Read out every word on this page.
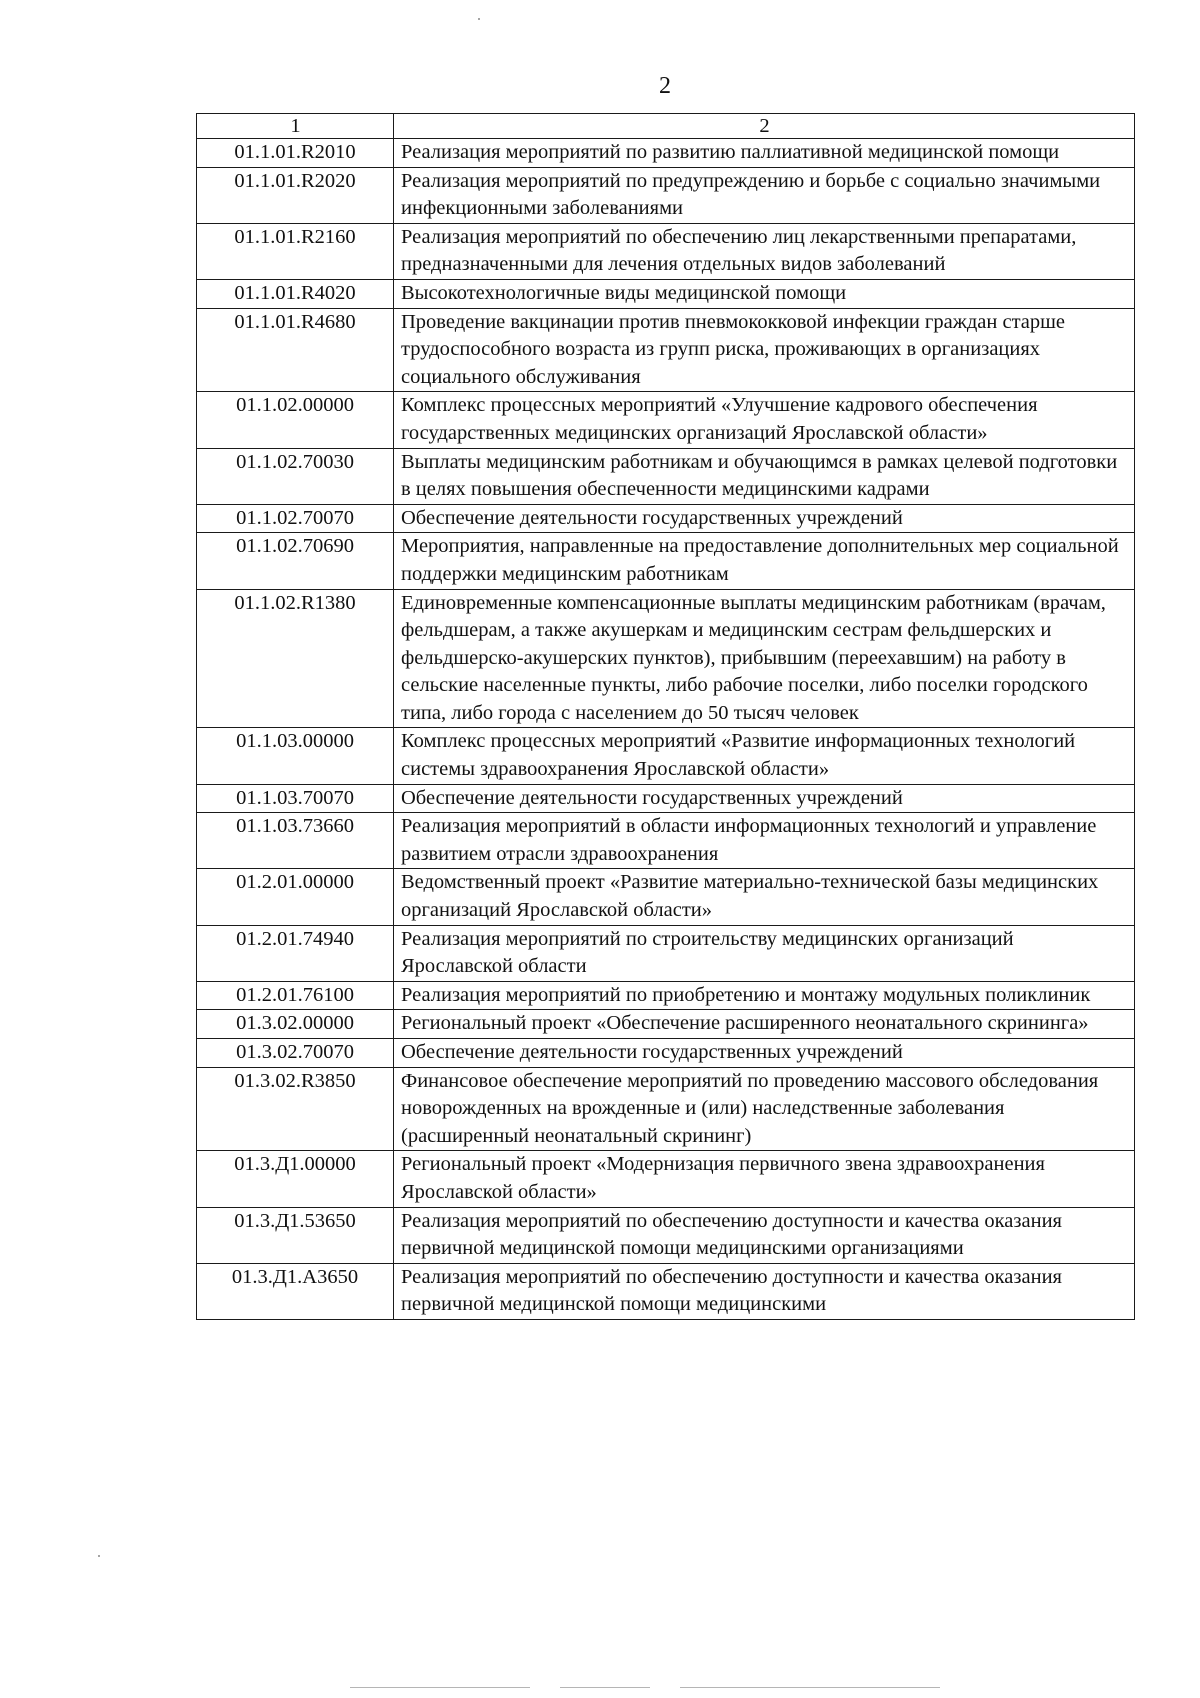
2
1	2
01.1.01.R2010	Реализация мероприятий по развитию паллиативной медицинской помощи
01.1.01.R2020	Реализация мероприятий по предупреждению и борьбе с социально значимыми инфекционными заболеваниями
01.1.01.R2160	Реализация мероприятий по обеспечению лиц лекарственными препаратами, предназначенными для лечения отдельных видов заболеваний
01.1.01.R4020	Высокотехнологичные виды медицинской помощи
01.1.01.R4680	Проведение вакцинации против пневмококковой инфекции граждан старше трудоспособного возраста из групп риска, проживающих в организациях социального обслуживания
01.1.02.00000	Комплекс процессных мероприятий «Улучшение кадрового обеспечения государственных медицинских организаций Ярославской области»
01.1.02.70030	Выплаты медицинским работникам и обучающимся в рамках целевой подготовки в целях повышения обеспеченности медицинскими кадрами
01.1.02.70070	Обеспечение деятельности государственных учреждений
01.1.02.70690	Мероприятия, направленные на предоставление дополнительных мер социальной поддержки медицинским работникам
01.1.02.R1380	Единовременные компенсационные выплаты медицинским работникам (врачам, фельдшерам, а также акушеркам и медицинским сестрам фельдшерских и фельдшерско-акушерских пунктов), прибывшим (переехавшим) на работу в сельские населенные пункты, либо рабочие поселки, либо поселки городского типа, либо города с населением до 50 тысяч человек
01.1.03.00000	Комплекс процессных мероприятий «Развитие информационных технологий системы здравоохранения Ярославской области»
01.1.03.70070	Обеспечение деятельности государственных учреждений
01.1.03.73660	Реализация мероприятий в области информационных технологий и управление развитием отрасли здравоохранения
01.2.01.00000	Ведомственный проект «Развитие материально-технической базы медицинских организаций Ярославской области»
01.2.01.74940	Реализация мероприятий по строительству медицинских организаций Ярославской области
01.2.01.76100	Реализация мероприятий по приобретению и монтажу модульных поликлиник
01.3.02.00000	Региональный проект «Обеспечение расширенного неонатального скрининга»
01.3.02.70070	Обеспечение деятельности государственных учреждений
01.3.02.R3850	Финансовое обеспечение мероприятий по проведению массового обследования новорожденных на врожденные и (или) наследственные заболевания (расширенный неонатальный скрининг)
01.3.Д1.00000	Региональный проект «Модернизация первичного звена здравоохранения Ярославской области»
01.3.Д1.53650	Реализация мероприятий по обеспечению доступности и качества оказания первичной медицинской помощи медицинскими организациями
01.3.Д1.А3650	Реализация мероприятий по обеспечению доступности и качества оказания первичной медицинской помощи медицинскими
